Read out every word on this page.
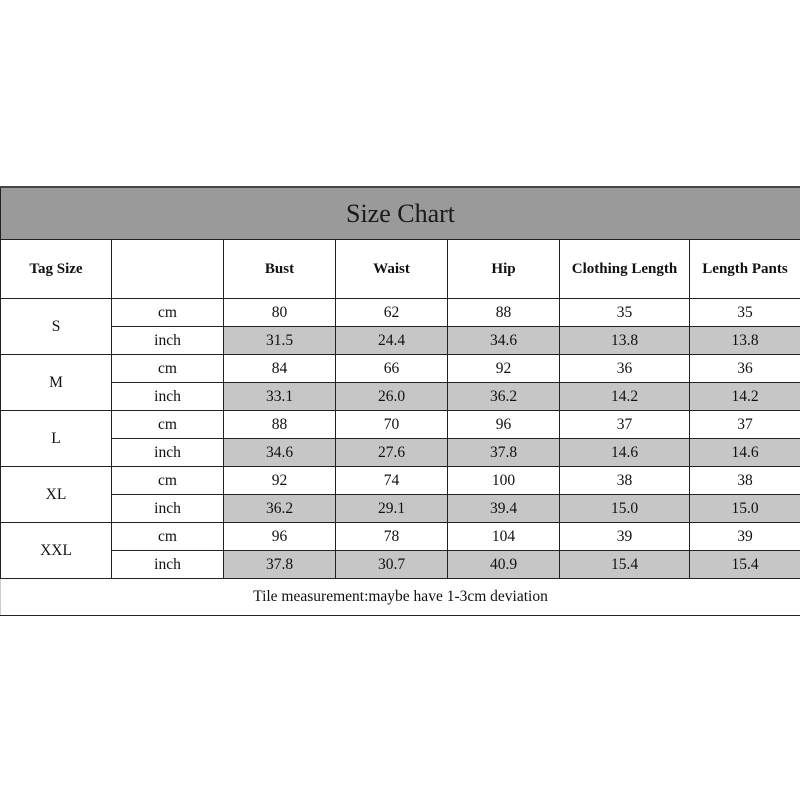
Size Chart						
Tag Size		Bust	Waist	Hip	Clothing Length	Length Pants
S	cm	80	62	88	35	35
	inch	31.5	24.4	34.6	13.8	13.8
M	cm	84	66	92	36	36
	inch	33.1	26.0	36.2	14.2	14.2
L	cm	88	70	96	37	37
	inch	34.6	27.6	37.8	14.6	14.6
XL	cm	92	74	100	38	38
	inch	36.2	29.1	39.4	15.0	15.0
XXL	cm	96	78	104	39	39
	inch	37.8	30.7	40.9	15.4	15.4
Tile measurement:maybe have 1-3cm deviation						
